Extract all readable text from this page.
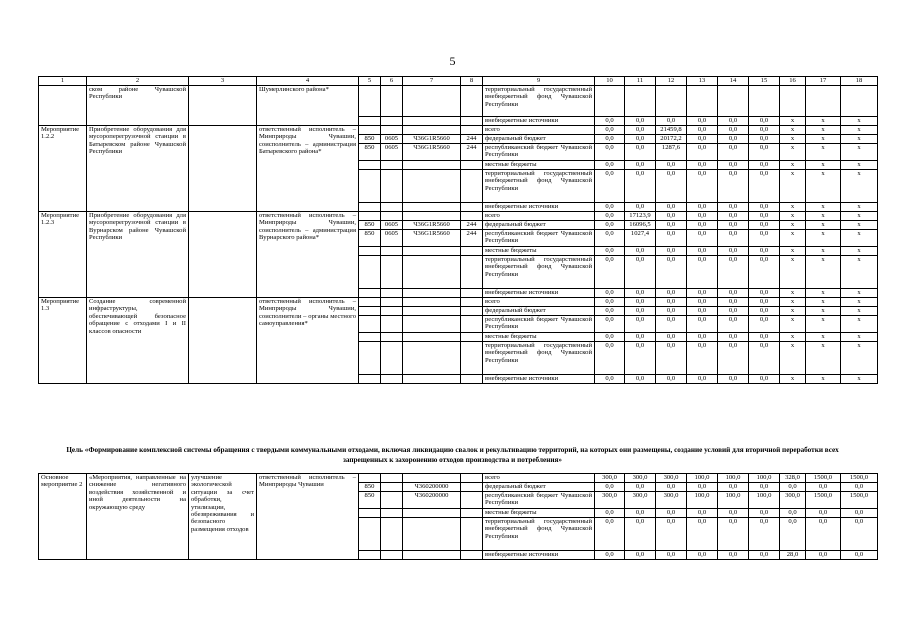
5
1	2	3	4	5	6	7	8	9	10	11	12	13	14	15	16	17	18
	ском районе Чувашской Республики		Шумерлинского района*					территориальный государственный внебюджетный фонд Чувашской Республики									
								внебюджетные источники	0,0	0,0	0,0	0,0	0,0	0,0	x	x	x
Мероприятие 1.2.2	Приобретение оборудования для мусороперегрузочной станции в Батыревском районе Чувашской Республики		ответственный исполнитель – Минприроды Чувашии, соисполнитель – администрация Батыревского района*					всего	0,0	0,0	21459,8	0,0	0,0	0,0	x	x	x
				850	0605	Ч36G1R5660	244	федеральный бюджет	0,0	0,0	20172,2	0,0	0,0	0,0	x	x	x
				850	0605	Ч36G1R5660	244	республиканский бюджет Чувашской Республики	0,0	0,0	1287,6	0,0	0,0	0,0	x	x	x
								местные бюджеты	0,0	0,0	0,0	0,0	0,0	0,0	x	x	x
								территориальный государственный внебюджетный фонд Чувашской Республики	0,0	0,0	0,0	0,0	0,0	0,0	x	x	x
								внебюджетные источники	0,0	0,0	0,0	0,0	0,0	0,0	x	x	x
Мероприятие 1.2.3	Приобретение оборудования для мусороперегрузочной станции в Вурнарском районе Чувашской Республики		ответственный исполнитель – Минприроды Чувашии, соисполнитель – администрация Вурнарского района*					всего	0,0	17123,9	0,0	0,0	0,0	0,0	x	x	x
				850	0605	Ч36G1R5660	244	федеральный бюджет	0,0	16096,5	0,0	0,0	0,0	0,0	x	x	x
				850	0605	Ч36G1R5660	244	республиканский бюджет Чувашской Республики	0,0	1027,4	0,0	0,0	0,0	0,0	x	x	x
								местные бюджеты	0,0	0,0	0,0	0,0	0,0	0,0	x	x	x
								территориальный государственный внебюджетный фонд Чувашской Республики	0,0	0,0	0,0	0,0	0,0	0,0	x	x	x
								внебюджетные источники	0,0	0,0	0,0	0,0	0,0	0,0	x	x	x
Мероприятие 1.3	Создание современной инфраструктуры, обеспечивающей безопасное обращение с отходами I и II классов опасности		ответственный исполнитель – Минприроды Чувашии, соисполнители – органы местного самоуправления*					всего	0,0	0,0	0,0	0,0	0,0	0,0	x	x	x
								федеральный бюджет	0,0	0,0	0,0	0,0	0,0	0,0	x	x	x
								республиканский бюджет Чувашской Республики	0,0	0,0	0,0	0,0	0,0	0,0	x	x	x
								местные бюджеты	0,0	0,0	0,0	0,0	0,0	0,0	x	x	x
								территориальный государственный внебюджетный фонд Чувашской Республики	0,0	0,0	0,0	0,0	0,0	0,0	x	x	x
								внебюджетные источники	0,0	0,0	0,0	0,0	0,0	0,0	x	x	x
Цель «Формирование комплексной системы обращения с твердыми коммунальными отходами, включая ликвидацию свалок и рекультивацию территорий, на которых они размещены, создание условий для вторичной переработки всех запрещенных к захоронению отходов производства и потребления»
Основное мероприятие 2	«Мероприятия, направленные на снижение негативного воздействия хозяйственной и иной деятельности на окружающую среду	улучшение экологической ситуации за счет обработки, утилизации, обезвреживания и безопасного размещения отходов	ответственный исполнитель – Минприроды Чувашии					всего	300,0	300,0	300,0	100,0	100,0	100,0	328,0	1500,0	1500,0
				850		Ч360200000		федеральный бюджет	0,0	0,0	0,0	0,0	0,0	0,0	0,0	0,0	0,0
				850		Ч360200000		республиканский бюджет Чувашской Республики	300,0	300,0	300,0	100,0	100,0	100,0	300,0	1500,0	1500,0
								местные бюджеты	0,0	0,0	0,0	0,0	0,0	0,0	0,0	0,0	0,0
								территориальный государственный внебюджетный фонд Чувашской Республики	0,0	0,0	0,0	0,0	0,0	0,0	0,0	0,0	0,0
								внебюджетные источники	0,0	0,0	0,0	0,0	0,0	0,0	28,0	0,0	0,0
